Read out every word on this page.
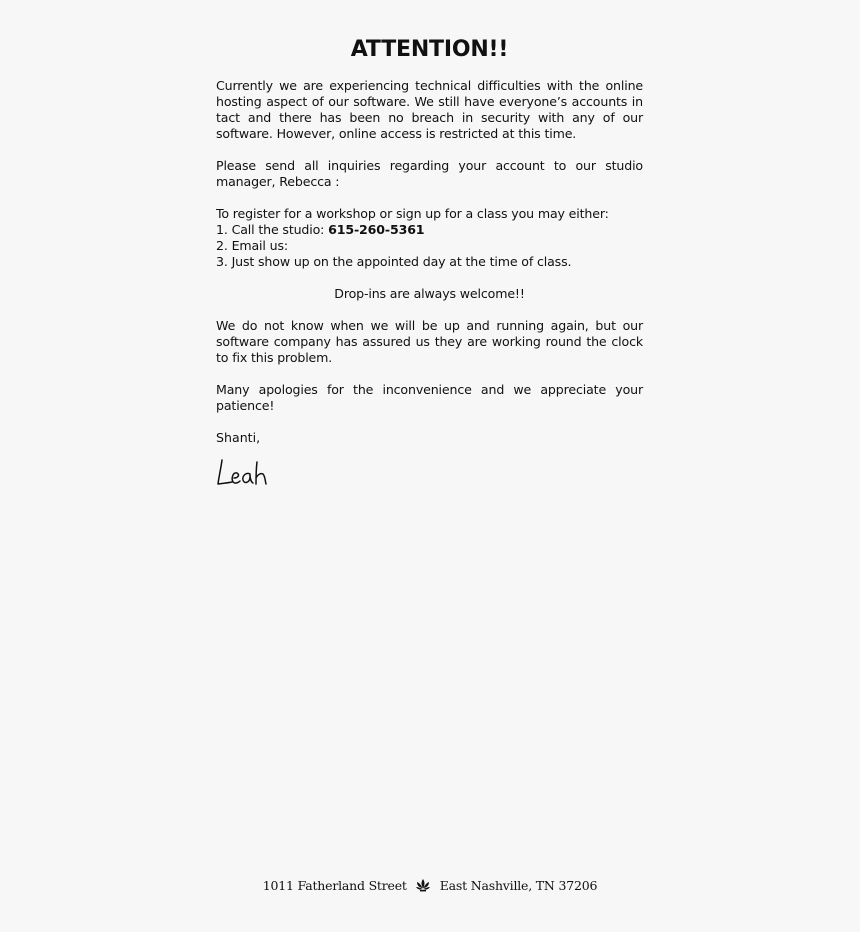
ATTENTION!!

Currently we are experiencing technical difficulties with the online hosting aspect of our software. We still have everyone’s accounts in tact and there has been no breach in security with any of our software. However, online access is restricted at this time.

Please send all inquiries regarding your account to our studio manager, Rebecca :

To register for a workshop or sign up for a class you may either:
1. Call the studio: 615-260-5361
2. Email us:
3. Just show up on the appointed day at the time of class.

Drop-ins are always welcome!!

We do not know when we will be up and running again, but our software company has assured us they are working round the clock to fix this problem.

Many apologies for the inconvenience and we appreciate your patience!

Shanti,

1011 Fatherland Street	East Nashville, TN 37206
